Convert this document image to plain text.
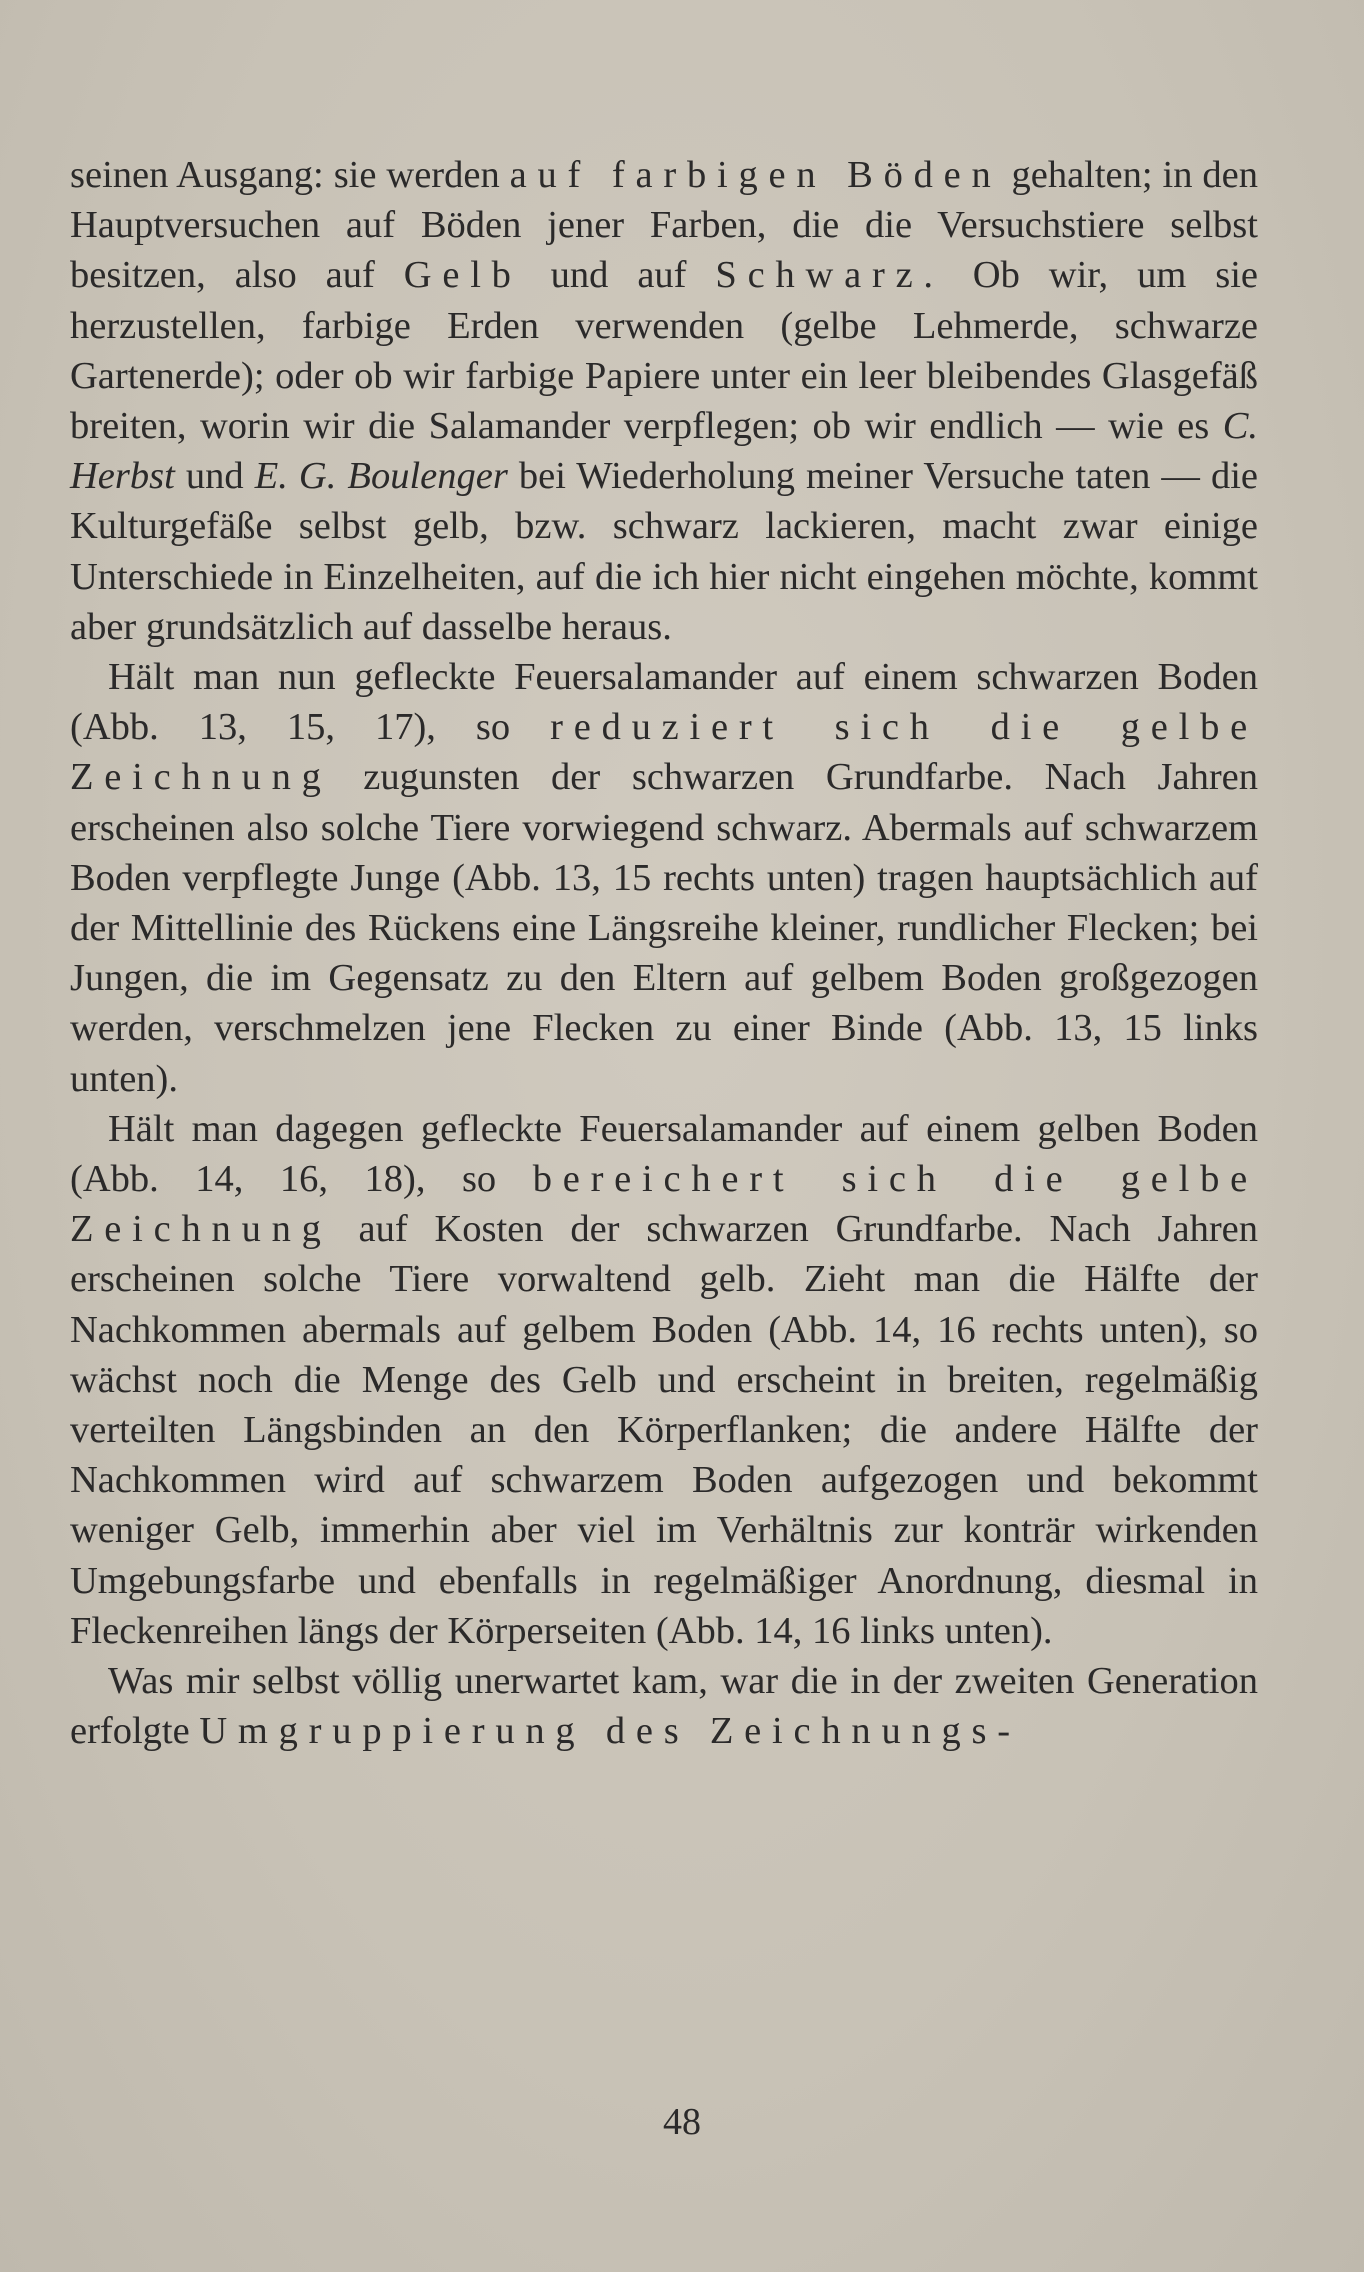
seinen Ausgang: sie werden auf farbigen Böden gehalten; in den Hauptversuchen auf Böden jener Farben, die die Versuchstiere selbst besitzen, also auf Gelb und auf Schwarz. Ob wir, um sie herzustellen, farbige Erden verwenden (gelbe Lehmerde, schwarze Gartenerde); oder ob wir farbige Papiere unter ein leer bleibendes Glasgefäß breiten, worin wir die Salamander verpflegen; ob wir endlich — wie es C. Herbst und E. G. Boulenger bei Wiederholung meiner Versuche taten — die Kulturgefäße selbst gelb, bzw. schwarz lackieren, macht zwar einige Unterschiede in Einzelheiten, auf die ich hier nicht eingehen möchte, kommt aber grundsätzlich auf dasselbe heraus.

Hält man nun gefleckte Feuersalamander auf einem schwarzen Boden (Abb. 13, 15, 17), so reduziert sich die gelbe Zeichnung zugunsten der schwarzen Grundfarbe. Nach Jahren erscheinen also solche Tiere vorwiegend schwarz. Abermals auf schwarzem Boden verpflegte Junge (Abb. 13, 15 rechts unten) tragen hauptsächlich auf der Mittellinie des Rückens eine Längsreihe kleiner, rundlicher Flecken; bei Jungen, die im Gegensatz zu den Eltern auf gelbem Boden großgezogen werden, verschmelzen jene Flecken zu einer Binde (Abb. 13, 15 links unten).

Hält man dagegen gefleckte Feuersalamander auf einem gelben Boden (Abb. 14, 16, 18), so bereichert sich die gelbe Zeichnung auf Kosten der schwarzen Grundfarbe. Nach Jahren erscheinen solche Tiere vorwaltend gelb. Zieht man die Hälfte der Nachkommen abermals auf gelbem Boden (Abb. 14, 16 rechts unten), so wächst noch die Menge des Gelb und erscheint in breiten, regelmäßig verteilten Längsbinden an den Körperflanken; die andere Hälfte der Nachkommen wird auf schwarzem Boden aufgezogen und bekommt weniger Gelb, immerhin aber viel im Verhältnis zur konträr wirkenden Umgebungsfarbe und ebenfalls in regelmäßiger Anordnung, diesmal in Fleckenreihen längs der Körperseiten (Abb. 14, 16 links unten).

Was mir selbst völlig unerwartet kam, war die in der zweiten Generation erfolgte Umgruppierung des Zeichnungs-

48
